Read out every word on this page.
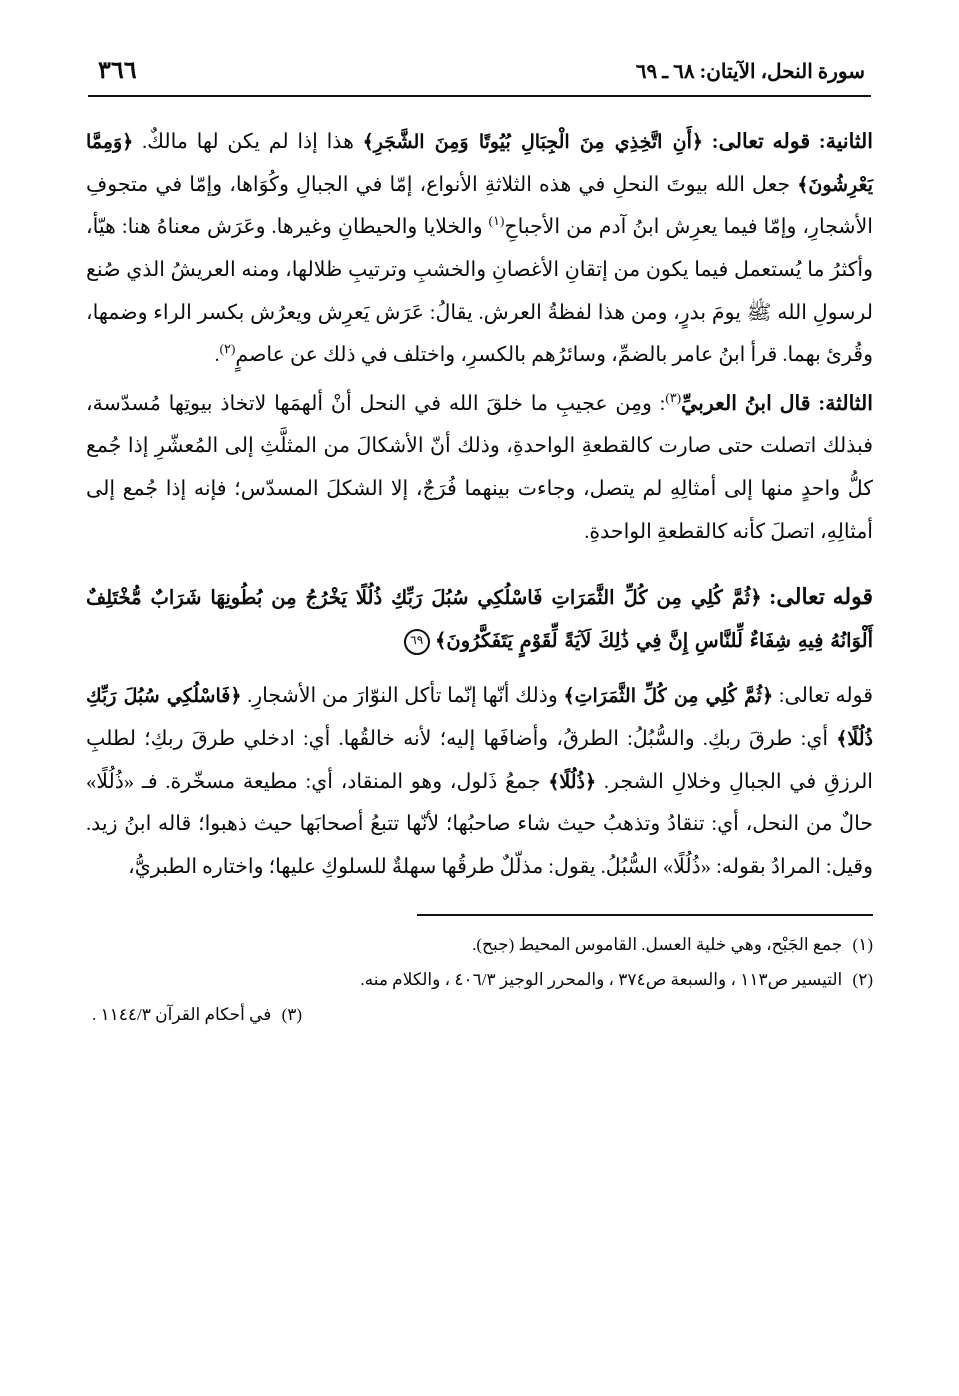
سورة النحل، الآيتان: ٦٨ ـ ٦٩
٣٦٦

الثانية: قوله تعالى: ﴿أَنِ اتَّخِذِي مِنَ الْجِبَالِ بُيُوتًا وَمِنَ الشَّجَرِ﴾ هذا إذا لم يكن لها مالكٌ. ﴿وَمِمَّا يَعْرِشُونَ﴾ جعل الله بيوتَ النحلِ في هذه الثلاثةِ الأنواع، إمّا في الجبالِ وكُوَاها، وإمّا في متجوفِ الأشجارِ، وإمّا فيما يعرِش ابنُ آدم من الأجباحِ$^{(١)}$ والخلايا والحيطانِ وغيرها. وعَرَش معناهُ هنا: هيّأ، وأكثرُ ما يُستعمل فيما يكون من إتقانِ الأغصانِ والخشبِ وترتيبِ ظلالها، ومنه العريشُ الذي صُنع لرسولِ الله ﷺ يومَ بدرٍ، ومن هذا لفظةُ العرش. يقالُ: عَرَش يَعرِش ويعرُش بكسر الراء وضمها، وقُرئ بهما. قرأ ابنُ عامر بالضمِّ، وسائرُهم بالكسرِ، واختلف في ذلك عن عاصمٍ$^{(٢)}$.

الثالثة: قال ابنُ العربيِّ$^{(٣)}$: ومِن عجيبِ ما خلقَ الله في النحل أنْ ألهمَها لاتخاذ بيوتِها مُسدّسة، فبذلك اتصلت حتى صارت كالقطعةِ الواحدةِ، وذلك أنّ الأشكالَ من المثلَّثِ إلى المُعشّرِ إذا جُمع كلُّ واحدٍ منها إلى أمثالِهِ لم يتصل، وجاءت بينهما فُرَجٌ، إلا الشكلَ المسدّس؛ فإنه إذا جُمع إلى أمثالِهِ، اتصلَ كأنه كالقطعةِ الواحدةِ.

قوله تعالى: ﴿ثُمَّ كُلِي مِن كُلِّ الثَّمَرَاتِ فَاسْلُكِي سُبُلَ رَبِّكِ ذُلُلًا يَخْرُجُ مِن بُطُونِهَا شَرَابٌ مُّخْتَلِفٌ أَلْوَانُهُ فِيهِ شِفَاءٌ لِّلنَّاسِ إِنَّ فِي ذَٰلِكَ لَآيَةً لِّقَوْمٍ يَتَفَكَّرُونَ﴾ ٦٩

قوله تعالى: ﴿ثُمَّ كُلِي مِن كُلِّ الثَّمَرَاتِ﴾ وذلك أنّها إنّما تأكل النوّارَ من الأشجارِ. ﴿فَاسْلُكِي سُبُلَ رَبِّكِ ذُلُلًا﴾ أي: طرقَ ربكِ. والسُّبُلُ: الطرقُ، وأضافَها إليه؛ لأنه خالقُها. أي: ادخلي طرقَ ربكِ؛ لطلبِ الرزقِ في الجبالِ وخلالِ الشجر. ﴿ذُلُلًا﴾ جمعُ ذَلول، وهو المنقاد، أي: مطيعة مسخّرة. فـ «ذُلُلًا» حالٌ من النحل، أي: تنقادُ وتذهبُ حيث شاء صاحبُها؛ لأنّها تتبعُ أصحابَها حيث ذهبوا؛ قاله ابنُ زيد. وقيل: المرادُ بقوله: «ذُلُلًا» السُّبُلُ. يقول: مذلّلٌ طرقُها سهلةٌ للسلوكِ عليها؛ واختاره الطبريُّ،

(١) جمع الجَبْح، وهي خلية العسل. القاموس المحيط (جبح).

(٢) التيسير ص١١٣ ، والسبعة ص٣٧٤ ، والمحرر الوجيز ٤٠٦/٣ ، والكلام منه.

(٣) في أحكام القرآن ١١٤٤/٣ .
